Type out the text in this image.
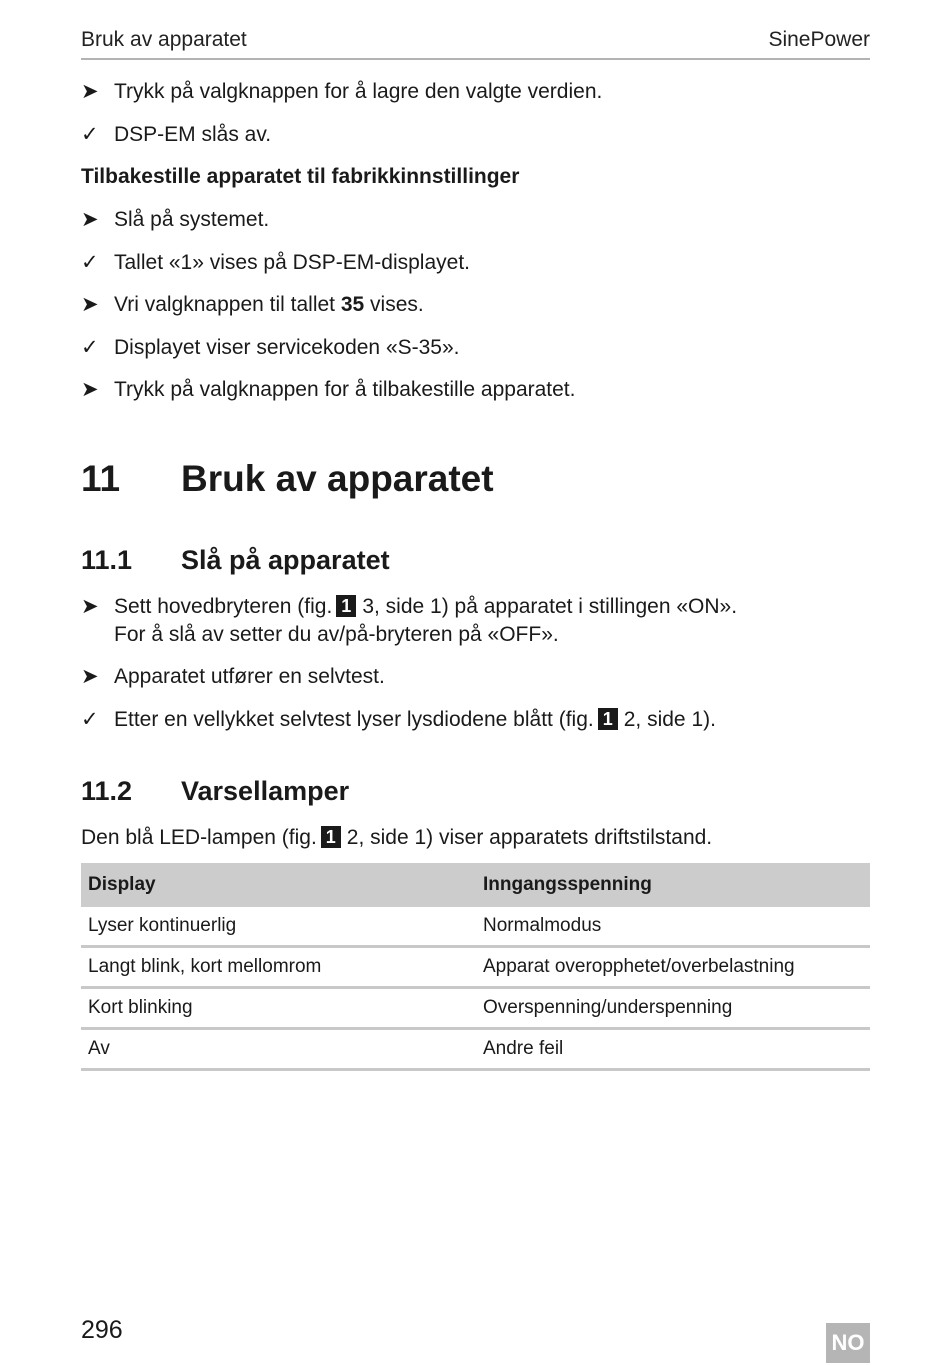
Bruk av apparatet	SinePower
➤ Trykk på valgknappen for å lagre den valgte verdien.
✓ DSP-EM slås av.
Tilbakestille apparatet til fabrikkinnstillinger
➤ Slå på systemet.
✓ Tallet «1» vises på DSP-EM-displayet.
➤ Vri valgknappen til tallet 35 vises.
✓ Displayet viser servicekoden «S-35».
➤ Trykk på valgknappen for å tilbakestille apparatet.
11 Bruk av apparatet
11.1 Slå på apparatet
➤ Sett hovedbryteren (fig. 1 3, side 1) på apparatet i stillingen «ON».
For å slå av setter du av/på-bryteren på «OFF».
➤ Apparatet utfører en selvtest.
✓ Etter en vellykket selvtest lyser lysdiodene blått (fig. 1 2, side 1).
11.2 Varsellamper
Den blå LED-lampen (fig. 1 2, side 1) viser apparatets driftstilstand.
Display	Inngangsspenning
Lyser kontinuerlig	Normalmodus
Langt blink, kort mellomrom	Apparat overopphetet/overbelastning
Kort blinking	Overspenning/underspenning
Av	Andre feil
296	NO
